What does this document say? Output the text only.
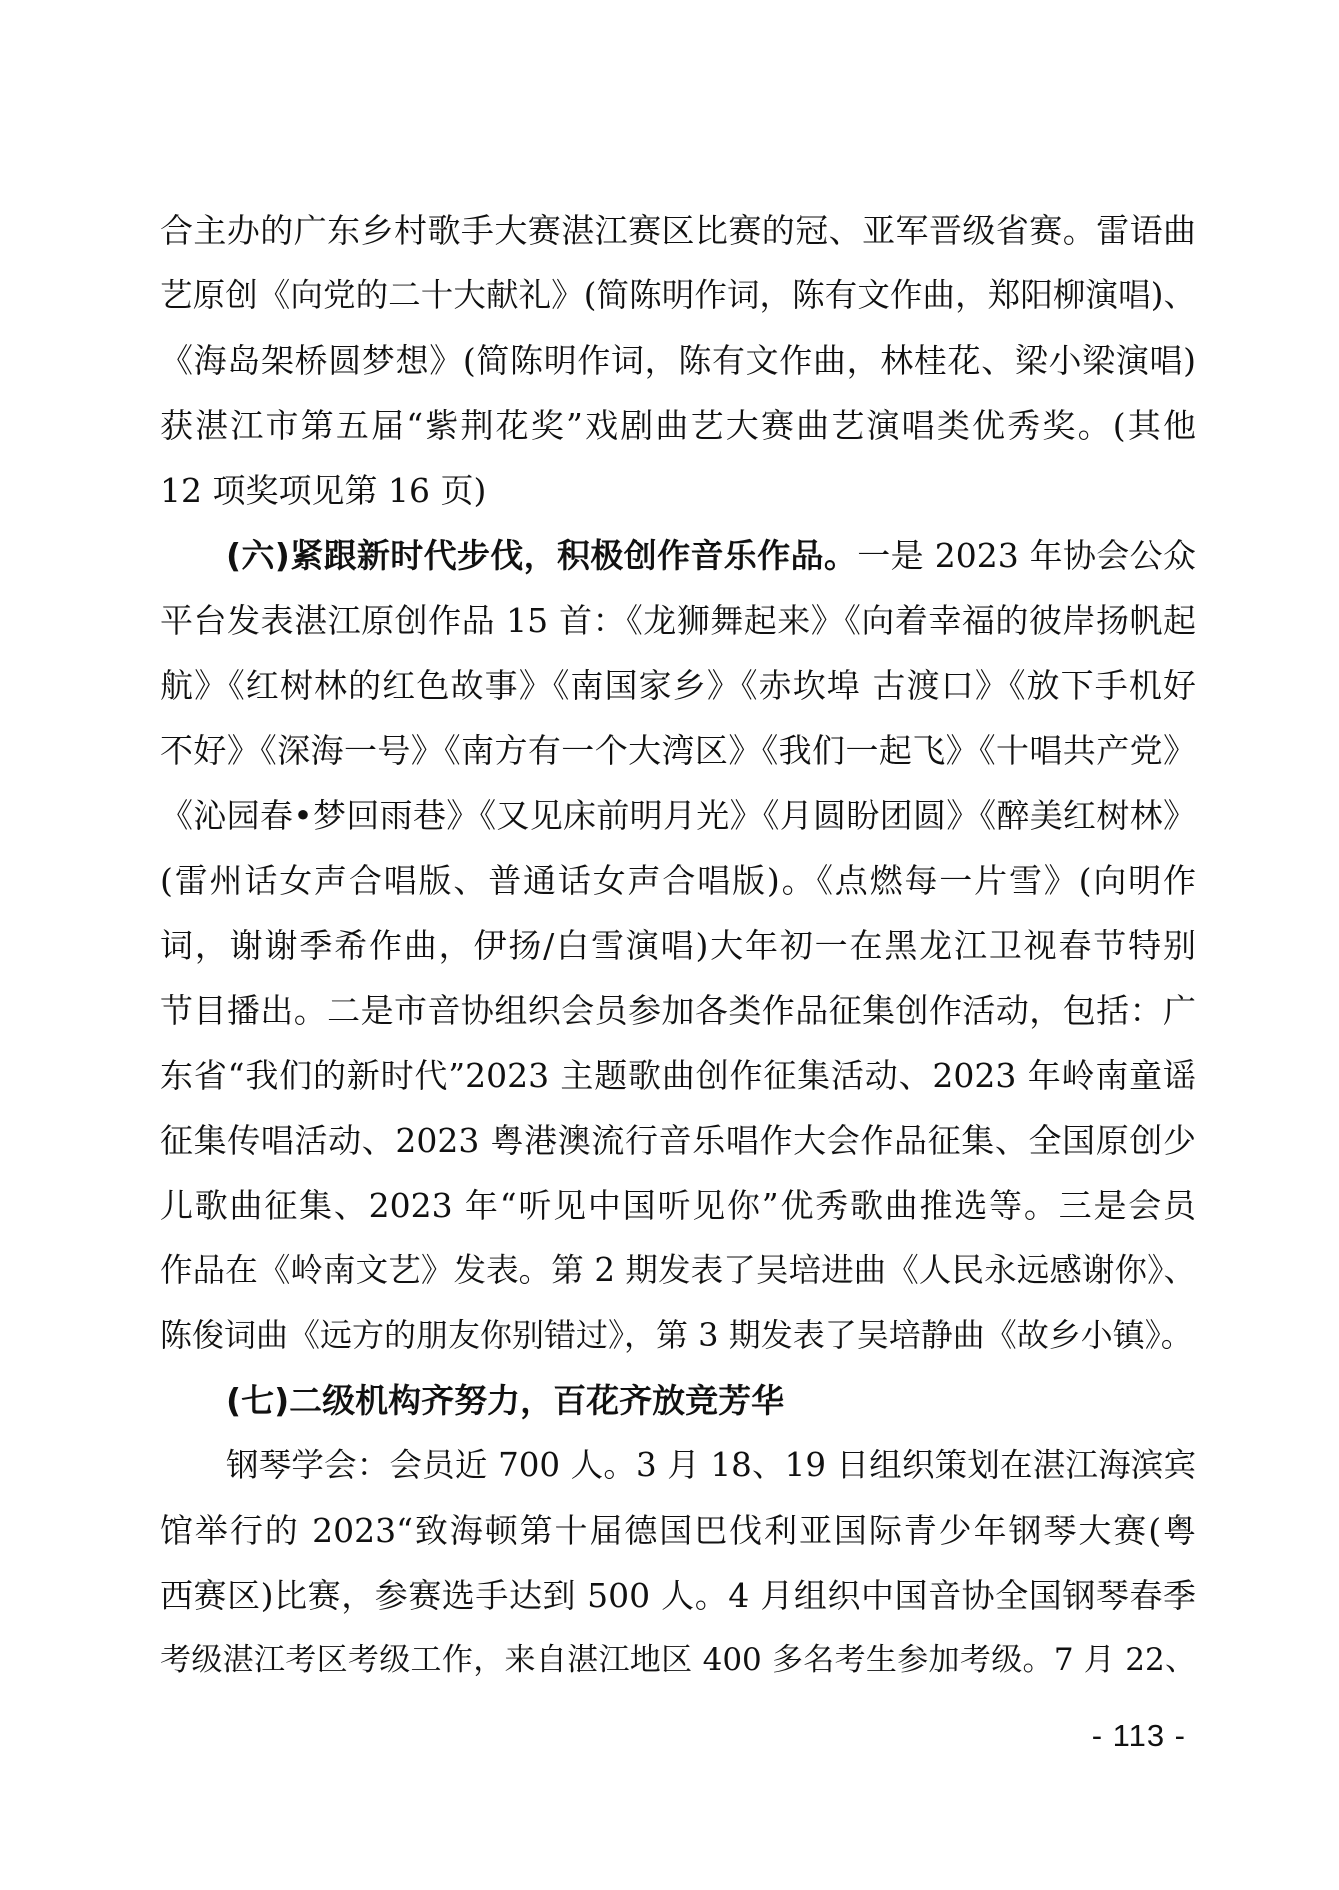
合主办的广东乡村歌手大赛湛江赛区比赛的冠、亚军晋级省赛。雷语曲
艺原创《向党的二十大献礼》(简陈明作词，陈有文作曲，郑阳柳演唱)、
《海岛架桥圆梦想》(简陈明作词，陈有文作曲，林桂花、梁小梁演唱)
获湛江市第五届“紫荆花奖”戏剧曲艺大赛曲艺演唱类优秀奖。(其他
12 项奖项见第 16 页)
(六)紧跟新时代步伐，积极创作音乐作品。一是 2023 年协会公众
平台发表湛江原创作品 15 首：《龙狮舞起来》《向着幸福的彼岸扬帆起
航》《红树林的红色故事》《南国家乡》《赤坎埠 古渡口》《放下手机好
不好》《深海一号》《南方有一个大湾区》《我们一起飞》《十唱共产党》
《沁园春•梦回雨巷》《又见床前明月光》《月圆盼团圆》《醉美红树林》
(雷州话女声合唱版、普通话女声合唱版)。《点燃每一片雪》(向明作
词，谢谢季希作曲，伊扬/白雪演唱)大年初一在黑龙江卫视春节特别
节目播出。二是市音协组织会员参加各类作品征集创作活动，包括：广
东省“我们的新时代”2023 主题歌曲创作征集活动、2023 年岭南童谣
征集传唱活动、2023 粤港澳流行音乐唱作大会作品征集、全国原创少
儿歌曲征集、2023 年“听见中国听见你”优秀歌曲推选等。三是会员
作品在《岭南文艺》发表。第 2 期发表了吴培进曲《人民永远感谢你》、
陈俊词曲《远方的朋友你别错过》，第 3 期发表了吴培静曲《故乡小镇》。
(七)二级机构齐努力，百花齐放竞芳华
钢琴学会：会员近 700 人。3 月 18、19 日组织策划在湛江海滨宾
馆举行的 2023“致海顿第十届德国巴伐利亚国际青少年钢琴大赛(粤
西赛区)比赛，参赛选手达到 500 人。4 月组织中国音协全国钢琴春季
考级湛江考区考级工作，来自湛江地区 400 多名考生参加考级。7 月 22、
- 113 -
